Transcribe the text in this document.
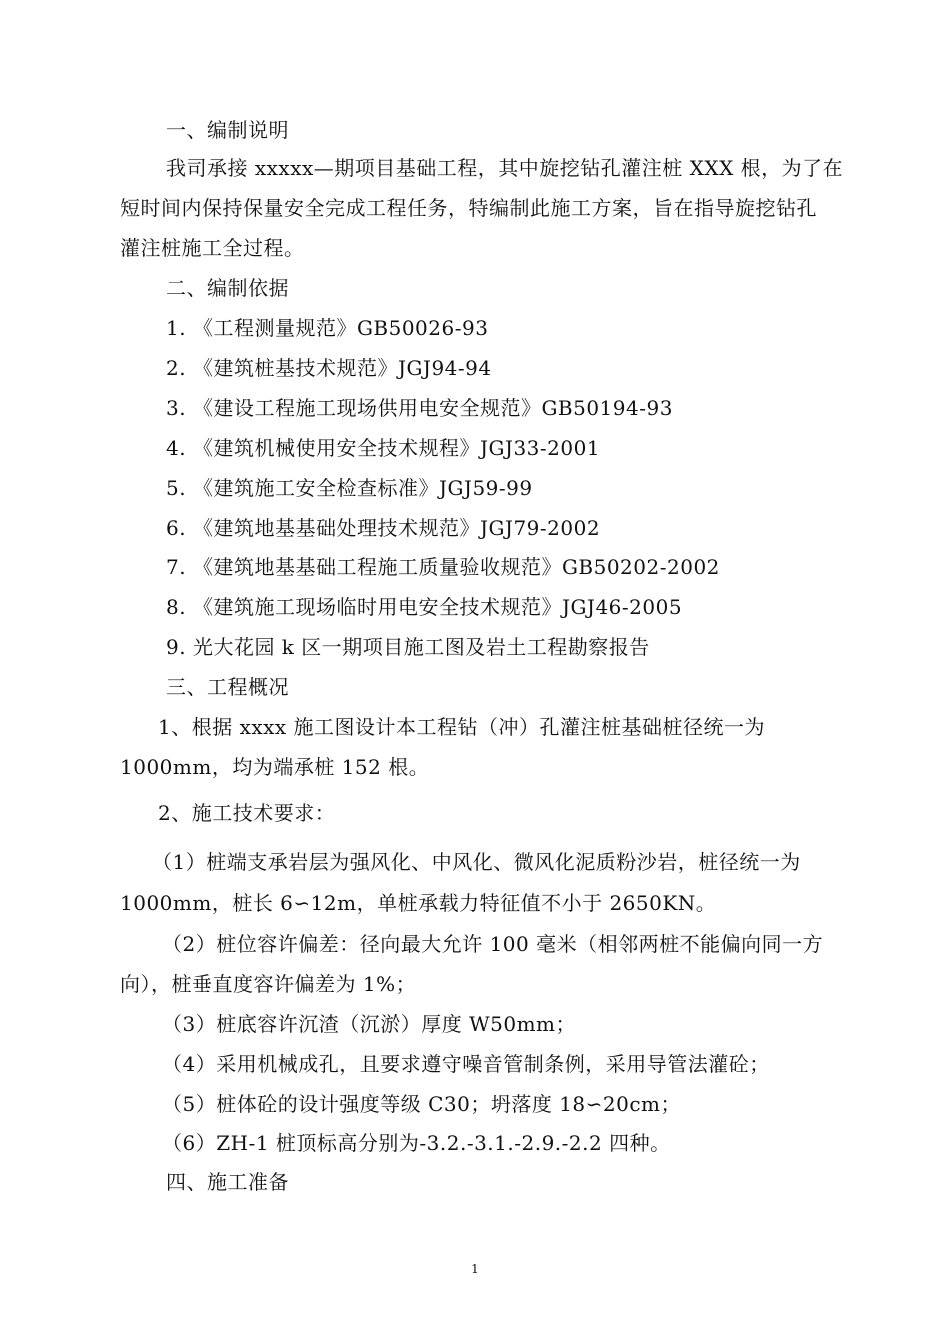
一、编制说明
我司承接 xxxxx—期项目基础工程，其中旋挖钻孔灌注桩 XXX 根，为了在
短时间内保持保量安全完成工程任务，特编制此施工方案，旨在指导旋挖钻孔
灌注桩施工全过程。
二、编制依据
1. 《工程测量规范》GB50026-93
2. 《建筑桩基技术规范》JGJ94-94
3. 《建设工程施工现场供用电安全规范》GB50194-93
4. 《建筑机械使用安全技术规程》JGJ33-2001
5. 《建筑施工安全检查标准》JGJ59-99
6. 《建筑地基基础处理技术规范》JGJ79-2002
7. 《建筑地基基础工程施工质量验收规范》GB50202-2002
8. 《建筑施工现场临时用电安全技术规范》JGJ46-2005
9. 光大花园 k 区一期项目施工图及岩土工程勘察报告
三、工程概况
1、根据 xxxx 施工图设计本工程钻（冲）孔灌注桩基础桩径统一为
1000mm，均为端承桩 152 根。
2、施工技术要求：
（1）桩端支承岩层为强风化、中风化、微风化泥质粉沙岩，桩径统一为
1000mm，桩长 6∽12m，单桩承载力特征值不小于 2650KN。
（2）桩位容许偏差：径向最大允许 100 毫米（相邻两桩不能偏向同一方
向），桩垂直度容许偏差为 1%；
（3）桩底容许沉渣（沉淤）厚度 W50mm；
（4）采用机械成孔，且要求遵守噪音管制条例，采用导管法灌砼；
（5）桩体砼的设计强度等级 C30；坍落度 18∽20cm；
（6）ZH-1 桩顶标高分别为-3.2.-3.1.-2.9.-2.2 四种。
四、施工准备
1
